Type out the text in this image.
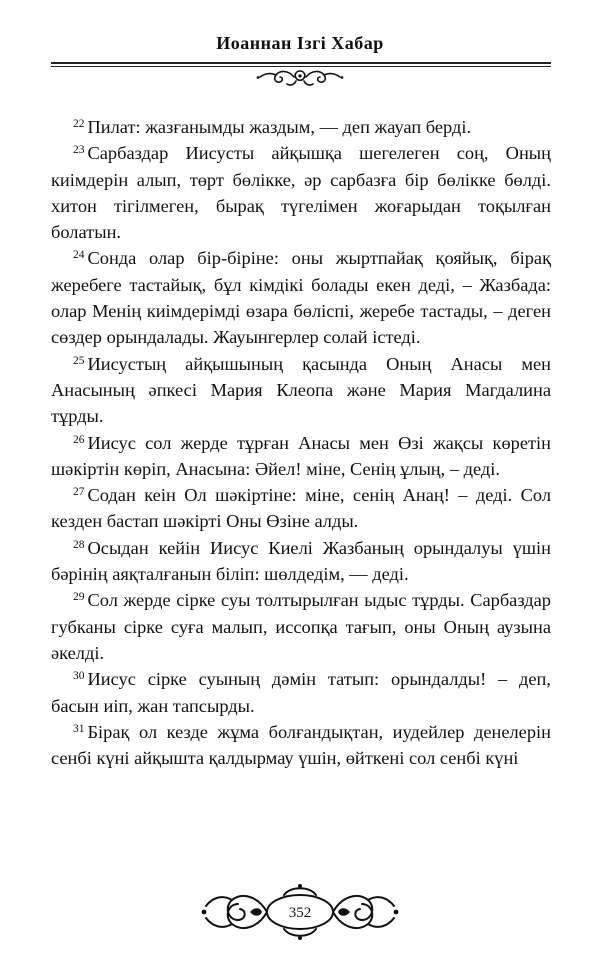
Иоаннан Ізгі Хабар

$^{22}$ Пилат: жазғанымды жаздым, — деп жауап берді.

$^{23}$ Сарбаздар Иисусты айқышқа шегелеген соң, Оның киімдерін алып, төрт бөлікке, әр сарбазға бір бөлікке бөлді. хитон тігілмеген, бырақ түгелімен жоғарыдан тоқылған болатын.

$^{24}$ Сонда олар бір-біріне: оны жыртпайақ қояйық, бірақ жеребеге тастайық, бұл кімдікі болады екен деді, – Жазбада: олар Менің киімдерімді өзара бөліспі, жеребе тастады, – деген сөздер орындалады. Жауынгерлер солай істеді.

$^{25}$ Иисустың айқышының қасында Оның Анасы мен Анасының әпкесі Мария Клеопа және Мария Магдалина тұрды.

$^{26}$ Иисус сол жерде тұрған Анасы мен Өзі жақсы көретін шәкіртін көріп, Анасына: Әйел! міне, Сенің ұлың, – деді.

$^{27}$ Содан кеін Ол шәкіртіне: міне, сенің Анаң! – деді. Сол кезден бастап шәкірті Оны Өзіне алды.

$^{28}$ Осыдан кейін Иисус Киелі Жазбаның орындалуы үшін бәрінің аяқталғанын біліп: шөлдедім, — деді.

$^{29}$ Сол жерде сірке суы толтырылған ыдыс тұрды. Сарбаздар губканы сірке суға малып, иссопқа тағып, оны Оның аузына әкелді.

$^{30}$ Иисус сірке суының дәмін татып: орындалды! – деп, басын иіп, жан тапсырды.

$^{31}$ Бірақ ол кезде жұма болғандықтан, иудейлер денелерін сенбі күні айқышта қалдырмау үшін, өйткені сол сенбі күні

352
